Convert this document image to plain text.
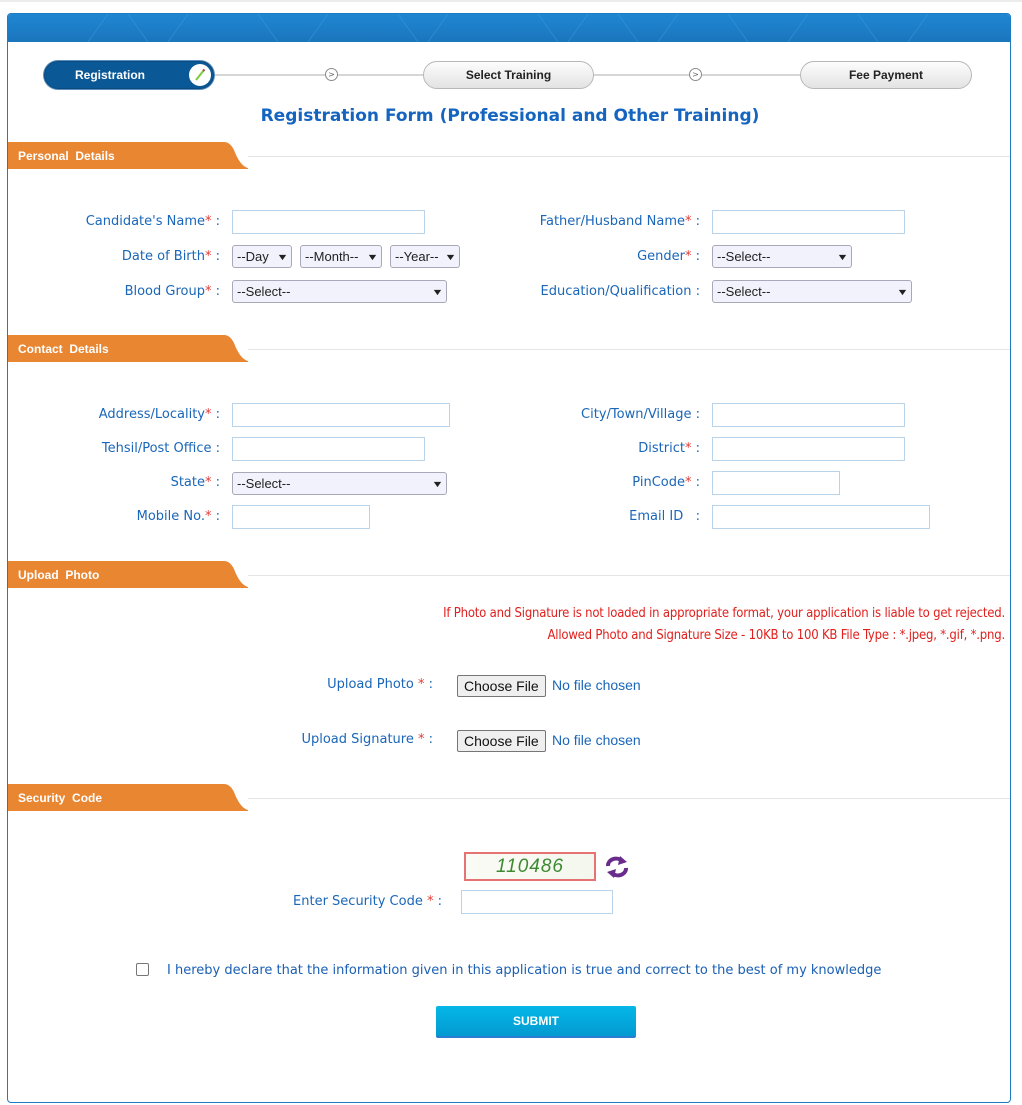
Registration	>	Select Training	>	Fee Payment
Registration Form (Professional and Other Training)
Personal  Details
Candidate's Name* :	Father/Husband Name* :
Date of Birth* : --Day ▼ --Month-- ▼ --Year-- ▼	Gender* : --Select--	▼
Blood Group* : --Select--	▼	Education/Qualification : --Select--	▼
Contact  Details
Address/Locality* :	City/Town/Village :
Tehsil/Post Office :	District* :
State* : --Select--	▼	PinCode* :
Mobile No.* :	Email ID   :
Upload  Photo
If Photo and Signature is not loaded in appropriate format, your application is liable to get rejected.
Allowed Photo and Signature Size - 10KB to 100 KB File Type : *.jpeg, *.gif, *.png.
Upload Photo * :	Choose File No file chosen
Upload Signature * :	Choose File No file chosen
Security  Code
110486
Enter Security Code * :
I hereby declare that the information given in this application is true and correct to the best of my knowledge
SUBMIT
